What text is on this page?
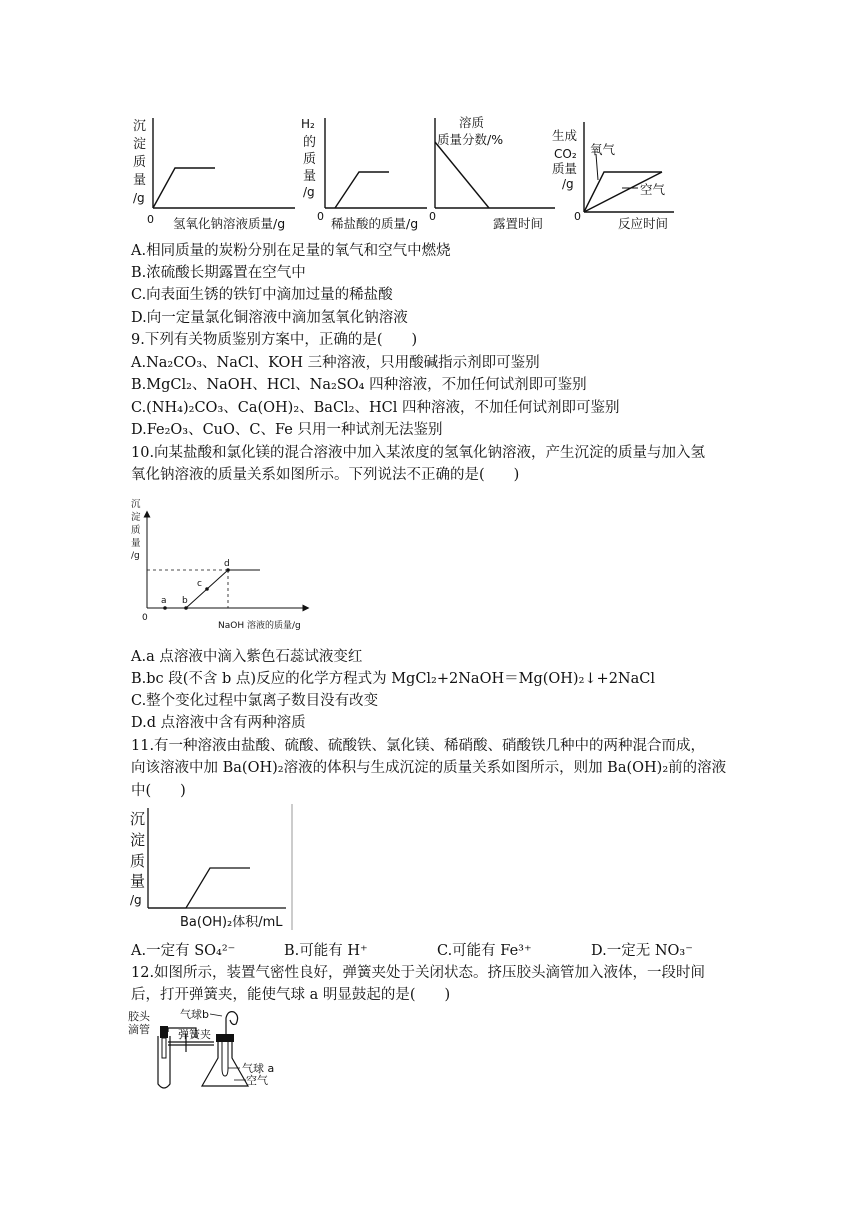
沉
淀
质
量
/g
0 氢氧化钠溶液质量/g
H₂
的
质
量
/g
0 稀盐酸的质量/g
溶质
质量分数/%
0	露置时间
生成
CO₂
质量
/g
氧气
空气
0	反应时间
A.相同质量的炭粉分别在足量的氧气和空气中燃烧
B.浓硫酸长期露置在空气中
C.向表面生锈的铁钉中滴加过量的稀盐酸
D.向一定量氯化铜溶液中滴加氢氧化钠溶液
9.下列有关物质鉴别方案中，正确的是(　　)
A.Na₂CO₃、NaCl、KOH 三种溶液，只用酸碱指示剂即可鉴别
B.MgCl₂、NaOH、HCl、Na₂SO₄ 四种溶液，不加任何试剂即可鉴别
C.(NH₄)₂CO₃、Ca(OH)₂、BaCl₂、HCl 四种溶液，不加任何试剂即可鉴别
D.Fe₂O₃、CuO、C、Fe 只用一种试剂无法鉴别
10.向某盐酸和氯化镁的混合溶液中加入某浓度的氢氧化钠溶液，产生沉淀的质量与加入氢
氧化钠溶液的质量关系如图所示。下列说法不正确的是(　　)
a b
c
d
沉
淀
质
量
/g
0
NaOH 溶液的质量/g
A.a 点溶液中滴入紫色石蕊试液变红
B.bc 段(不含 b 点)反应的化学方程式为 MgCl₂+2NaOH＝Mg(OH)₂↓+2NaCl
C.整个变化过程中氯离子数目没有改变
D.d 点溶液中含有两种溶质
11.有一种溶液由盐酸、硫酸、硫酸铁、氯化镁、稀硝酸、硝酸铁几种中的两种混合而成，
向该溶液中加 Ba(OH)₂溶液的体积与生成沉淀的质量关系如图所示，则加 Ba(OH)₂前的溶液
中(　　)
沉
淀
质
量
/g
Ba(OH)₂体积/mL
A.一定有 SO₄²⁻	B.可能有 H⁺	C.可能有 Fe³⁺	D.一定无 NO₃⁻
12.如图所示，装置气密性良好，弹簧夹处于关闭状态。挤压胶头滴管加入液体，一段时间
后，打开弹簧夹，能使气球 a 明显鼓起的是(　　)
胶头
滴管	弹簧夹
气球b
气球 a
空气
